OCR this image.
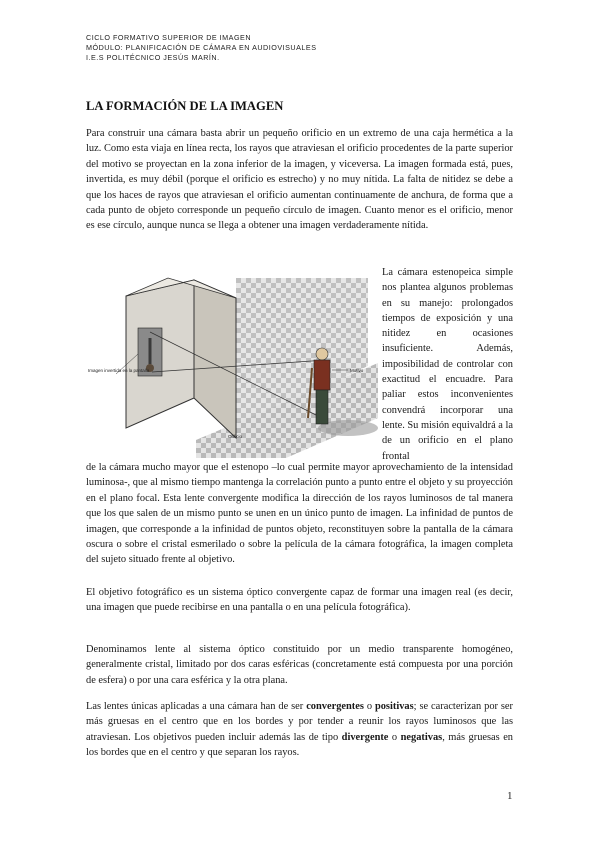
CICLO FORMATIVO SUPERIOR DE IMAGEN
MÓDULO: PLANIFICACIÓN DE CÁMARA EN AUDIOVISUALES
I.E.S POLITÉCNICO JESÚS MARÍN.
LA FORMACIÓN DE LA IMAGEN
Para construir una cámara basta abrir un pequeño orificio en un extremo de una caja hermética a la luz. Como esta viaja en línea recta, los rayos que atraviesan el orificio procedentes de la parte superior del motivo se proyectan en la zona inferior de la imagen, y viceversa. La imagen formada está, pues, invertida, es muy débil (porque el orificio es estrecho) y no muy nítida. La falta de nitidez se debe a que los haces de rayos que atraviesan el orificio aumentan continuamente de anchura, de forma que a cada punto de objeto corresponde un pequeño círculo de imagen. Cuanto menor es el orificio, menor es ese círculo, aunque nunca se llega a obtener una imagen verdaderamente nítida.
Imagen invertida en la pantalla	Motivo
Orificio
La cámara estenopeica simple nos plantea algunos problemas en su manejo: prolongados tiempos de exposición y una nitidez en ocasiones insuficiente. Además, imposibilidad de controlar con exactitud el encuadre. Para paliar estos inconvenientes convendrá incorporar una lente. Su misión equivaldrá a la de un orificio en el plano frontal
de la cámara mucho mayor que el estenopo –lo cual permite mayor aprovechamiento de la intensidad luminosa-, que al mismo tiempo mantenga la correlación punto a punto entre el objeto y su proyección en el plano focal. Esta lente convergente modifica la dirección de los rayos luminosos de tal manera que los que salen de un mismo punto se unen en un único punto de imagen. La infinidad de puntos de imagen, que corresponde a la infinidad de puntos objeto, reconstituyen sobre la pantalla de la cámara oscura o sobre el cristal esmerilado o sobre la película de la cámara fotográfica, la imagen completa del sujeto situado frente al objetivo.
El objetivo fotográfico es un sistema óptico convergente capaz de formar una imagen real (es decir, una imagen que puede recibirse en una pantalla o en una película fotográfica).
Denominamos lente al sistema óptico constituido por un medio transparente homogéneo, generalmente cristal, limitado por dos caras esféricas (concretamente está compuesta por una porción de esfera) o por una cara esférica y la otra plana.
Las lentes únicas aplicadas a una cámara han de ser convergentes o positivas; se caracterizan por ser más gruesas en el centro que en los bordes y por tender a reunir los rayos luminosos que las atraviesan. Los objetivos pueden incluir además las de tipo divergente o negativas, más gruesas en los bordes que en el centro y que separan los rayos.
1
